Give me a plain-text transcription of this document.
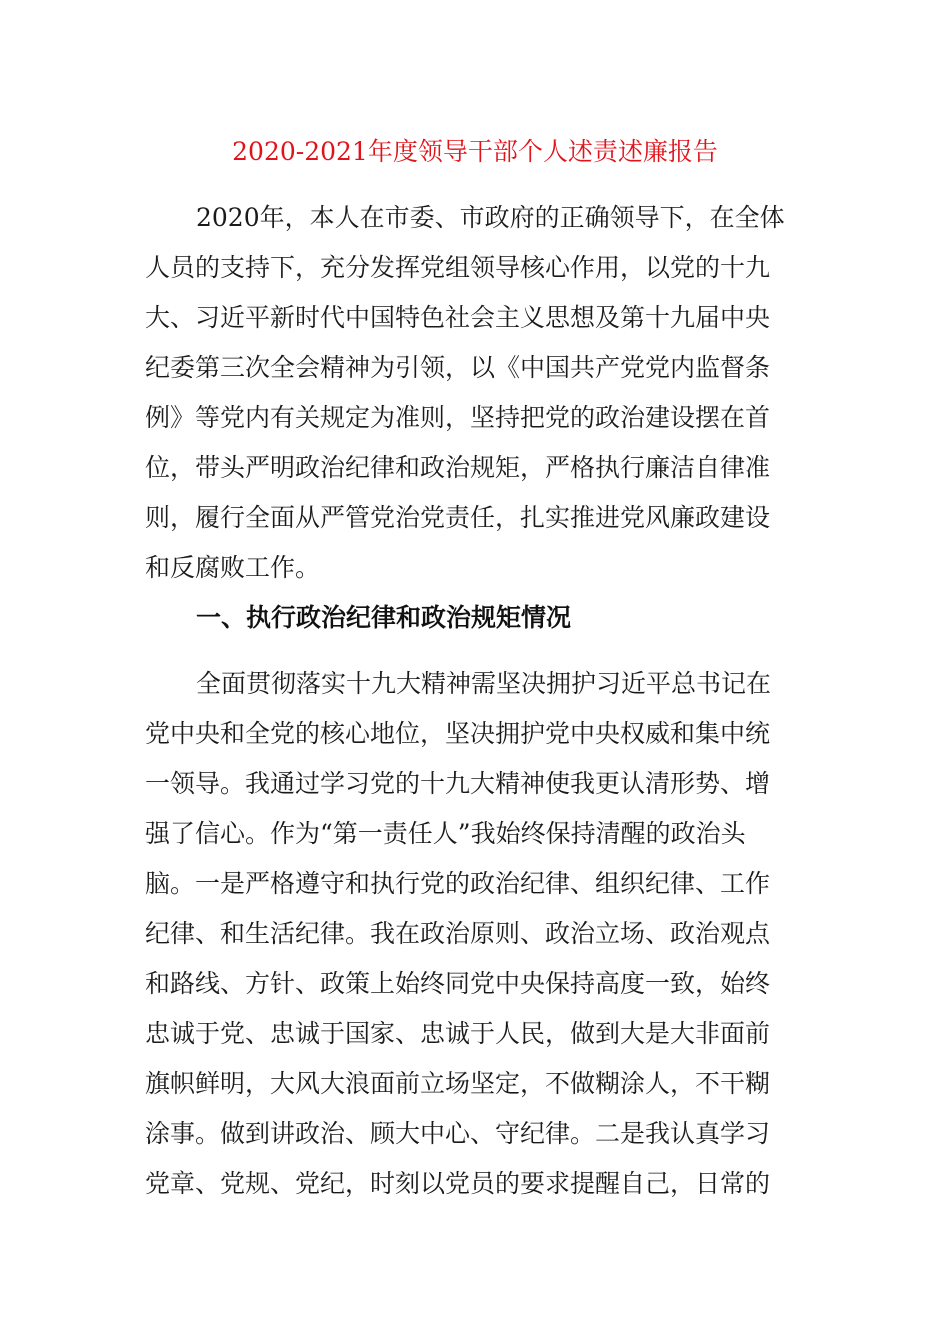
2020-2021年度领导干部个人述责述廉报告
2020年，本人在市委、市政府的正确领导下，在全体
人员的支持下，充分发挥党组领导核心作用，以党的十九
大、习近平新时代中国特色社会主义思想及第十九届中央
纪委第三次全会精神为引领，以《中国共产党党内监督条
例》等党内有关规定为准则，坚持把党的政治建设摆在首
位，带头严明政治纪律和政治规矩，严格执行廉洁自律准
则，履行全面从严管党治党责任，扎实推进党风廉政建设
和反腐败工作。
一、执行政治纪律和政治规矩情况
全面贯彻落实十九大精神需坚决拥护习近平总书记在
党中央和全党的核心地位，坚决拥护党中央权威和集中统
一领导。我通过学习党的十九大精神使我更认清形势、增
强了信心。作为“第一责任人”我始终保持清醒的政治头
脑。一是严格遵守和执行党的政治纪律、组织纪律、工作
纪律、和生活纪律。我在政治原则、政治立场、政治观点
和路线、方针、政策上始终同党中央保持高度一致，始终
忠诚于党、忠诚于国家、忠诚于人民，做到大是大非面前
旗帜鲜明，大风大浪面前立场坚定，不做糊涂人，不干糊
涂事。做到讲政治、顾大中心、守纪律。二是我认真学习
党章、党规、党纪，时刻以党员的要求提醒自己，日常的
